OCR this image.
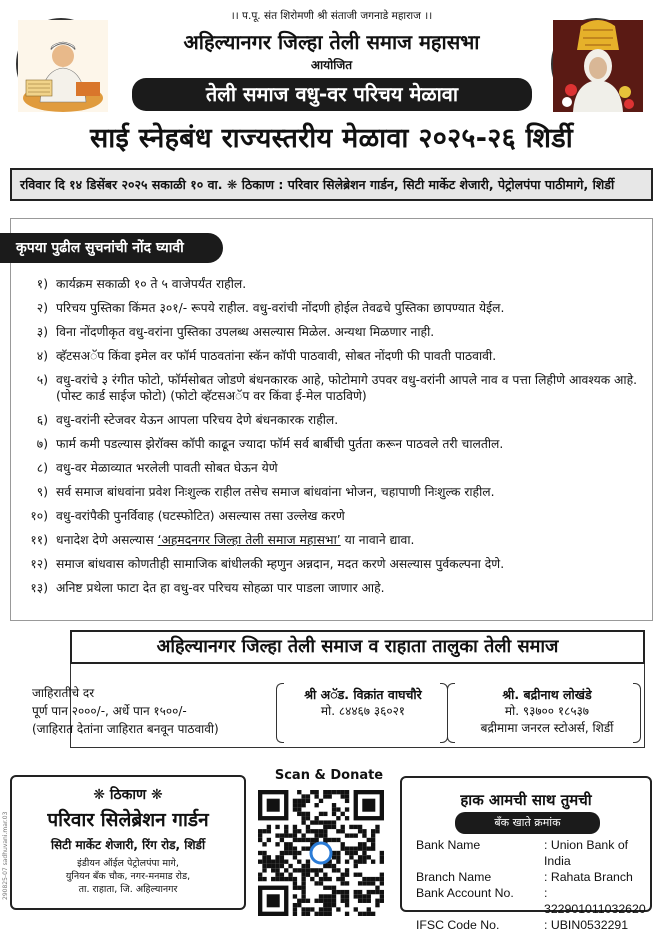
।। प.पू. संत शिरोमणी श्री संताजी जगनाडे महाराज ।।
अहिल्यानगर जिल्हा तेली समाज महासभा
आयोजित
तेली समाज वधु-वर परिचय मेळावा
साई स्नेहबंध राज्यस्तरीय मेळावा २०२५-२६ शिर्डी
रविवार दि १४ डिसेंबर २०२५ सकाळी १० वा. ❋ ठिकाण : परिवार सिलेब्रेशन गार्डन, सिटी मार्केट शेजारी, पेट्रोलपंपा पाठीमागे, शिर्डी
कृपया पुढील सुचनांची नोंद घ्यावी
१) कार्यक्रम सकाळी १० ते ५ वाजेपर्यंत राहील.
२) परिचय पुस्तिका किंमत ३०१/- रूपये राहील. वधु-वरांची नोंदणी होईल तेवढचे पुस्तिका छापण्यात येईल.
३) विना नोंदणीकृत वधु-वरांना पुस्तिका उपलब्ध असल्यास मिळेल. अन्यथा मिळणार नाही.
४) व्हॅटसअॅप किंवा इमेल वर फॉर्म पाठवतांना स्कॅन कॉपी पाठवावी, सोबत नोंदणी फी पावती पाठवावी.
५) वधु-वरांचे ३ रंगीत फोटो, फॉर्मसोबत जोडणे बंधनकारक आहे, फोटोमागे उपवर वधु-वरांनी आपले नाव व पत्ता लिहीणे आवश्यक आहे. (पोस्ट कार्ड साईज फोटो) (फोटो व्हॅटसअॅप वर किंवा ई-मेल पाठविणे)
६) वधु-वरांनी स्टेजवर येऊन आपला परिचय देणे बंधनकारक राहील.
७) फार्म कमी पडल्यास झेरॉक्स कॉपी काढून ज्यादा फॉर्म सर्व बार्बीची पुर्तता करून पाठवले तरी चालतील.
८) वधु-वर मेळाव्यात भरलेली पावती सोबत घेऊन येणे
९) सर्व समाज बांधवांना प्रवेश निःशुल्क राहील तसेच समाज बांधवांना भोजन, चहापाणी निःशुल्क राहील.
१०) वधु-वरांपैकी पुनर्विवाह (घटस्फोटित) असल्यास तसा उल्लेख करणे
११) धनादेश देणे असल्यास ‘अहमदनगर जिल्हा तेली समाज महासभा’ या नावाने द्यावा.
१२) समाज बांधवास कोणतीही सामाजिक बांधीलकी म्हणुन अन्नदान, मदत करणे असल्यास पुर्वकल्पना देणे.
१३) अनिष्ट प्रथेला फाटा देत हा वधु-वर परिचय सोहळा पार पाडला जाणार आहे.
अहिल्यानगर जिल्हा तेली समाज व राहाता तालुका तेली समाज
जाहिरातीचे दर
पूर्ण पान २०००/-, अर्धे पान १५००/-
(जाहिरात देतांना जाहिरात बनवून पाठवावी)
श्री अॅड. विक्रांत वाघचौरे
मो. ८४४६७ ३६०२१
श्री. बद्रीनाथ लोखंडे
मो. ९३७०० १८५३७
बद्रीमामा जनरल स्टोअर्स, शिर्डी
❋ ठिकाण ❋
परिवार सिलेब्रेशन गार्डन
सिटी मार्केट शेजारी, रिंग रोड, शिर्डी
इंडीयन ऑईल पेट्रोलपंपा मागे,
युनियन बँक चौक, नगर-मनमाड रोड,
ता. राहाता, जि. अहिल्यानगर
Scan & Donate
हाक आमची साथ तुमची
बँक खाते क्रमांक
Bank Name	: Union Bank of India
Branch Name	: Rahata Branch
Bank Account No.	: 322901011032620
IFSC Code No.	: UBIN0532291
290825-07 sadhuvani.mar.03
